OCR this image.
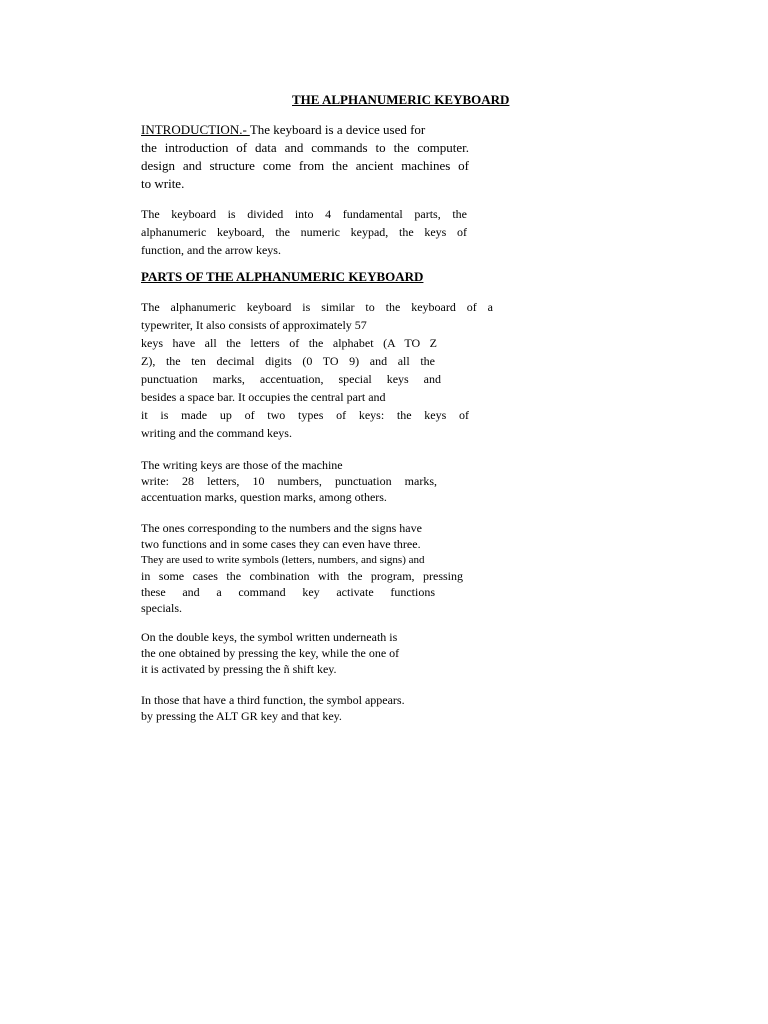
THE ALPHANUMERIC KEYBOARD
INTRODUCTION.- The keyboard is a device used for
the introduction of data and commands to the computer.
design and structure come from the ancient machines of
to write.
The keyboard is divided into 4 fundamental parts, the
alphanumeric keyboard, the numeric keypad, the keys of
function, and the arrow keys.
PARTS OF THE ALPHANUMERIC KEYBOARD
The alphanumeric keyboard is similar to the keyboard of a
typewriter, It also consists of approximately 57
keys have all the letters of the alphabet (A TO Z
Z), the ten decimal digits (0 TO 9) and all the
punctuation marks, accentuation, special keys and
besides a space bar. It occupies the central part and
it is made up of two types of keys: the keys of
writing and the command keys.
The writing keys are those of the machine
write: 28 letters, 10 numbers, punctuation marks,
accentuation marks, question marks, among others.
The ones corresponding to the numbers and the signs have
two functions and in some cases they can even have three.
They are used to write symbols (letters, numbers, and signs) and
in some cases the combination with the program, pressing
these and a command key activate functions
specials.
On the double keys, the symbol written underneath is
the one obtained by pressing the key, while the one of
it is activated by pressing the ñ shift key.
In those that have a third function, the symbol appears.
by pressing the ALT GR key and that key.
